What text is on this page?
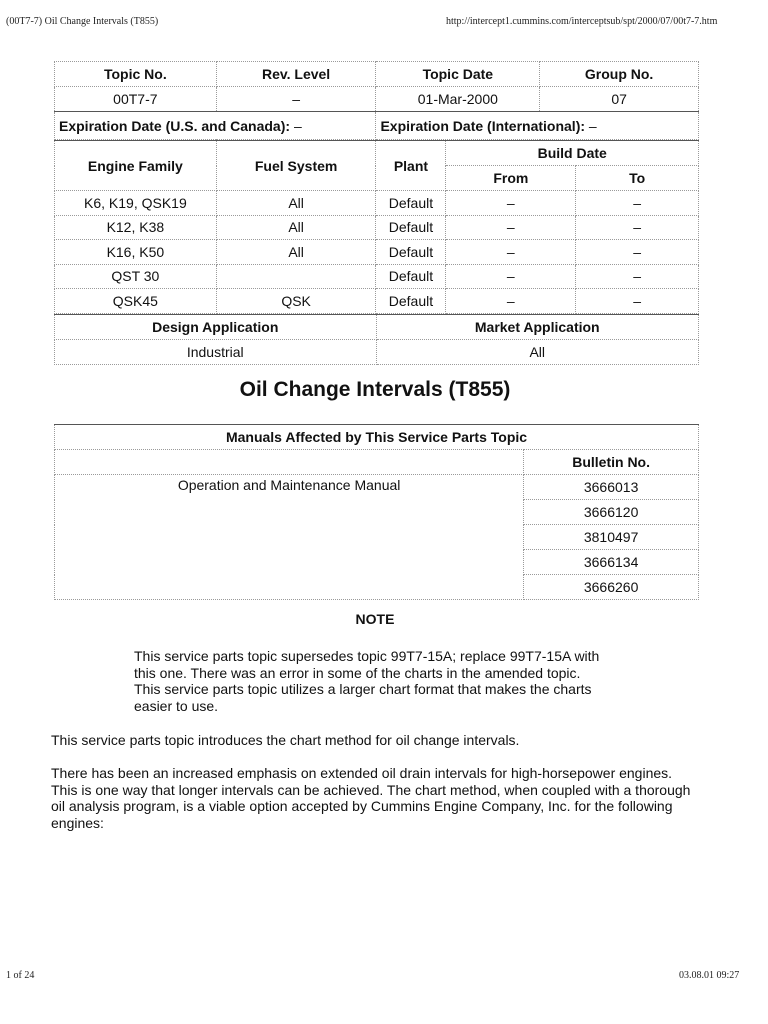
(00T7-7) Oil Change Intervals (T855)	http://intercept1.cummins.com/interceptsub/spt/2000/07/00t7-7.htm
Topic No.	Rev. Level	Topic Date	Group No.
00T7-7	–	01-Mar-2000	07
Expiration Date (U.S. and Canada): –		Expiration Date (International): –	
Engine Family	Fuel System	Plant	Build Date	
			From	To
K6, K19, QSK19	All	Default	–	–
K12, K38	All	Default	–	–
K16, K50	All	Default	–	–
QST 30		Default	–	–
QSK45	QSK	Default	–	–
Design Application	Market Application
Industrial	All
Oil Change Intervals (T855)
Manuals Affected by This Service Parts Topic	
	Bulletin No.
Operation and Maintenance Manual	3666013
	3666120
	3810497
	3666134
	3666260
NOTE

This service parts topic supersedes topic 99T7-15A; replace 99T7-15A with this one. There was an error in some of the charts in the amended topic. This service parts topic utilizes a larger chart format that makes the charts easier to use.

This service parts topic introduces the chart method for oil change intervals.

There has been an increased emphasis on extended oil drain intervals for high-horsepower engines. This is one way that longer intervals can be achieved. The chart method, when coupled with a thorough oil analysis program, is a viable option accepted by Cummins Engine Company, Inc. for the following engines:

1 of 24	03.08.01 09:27
